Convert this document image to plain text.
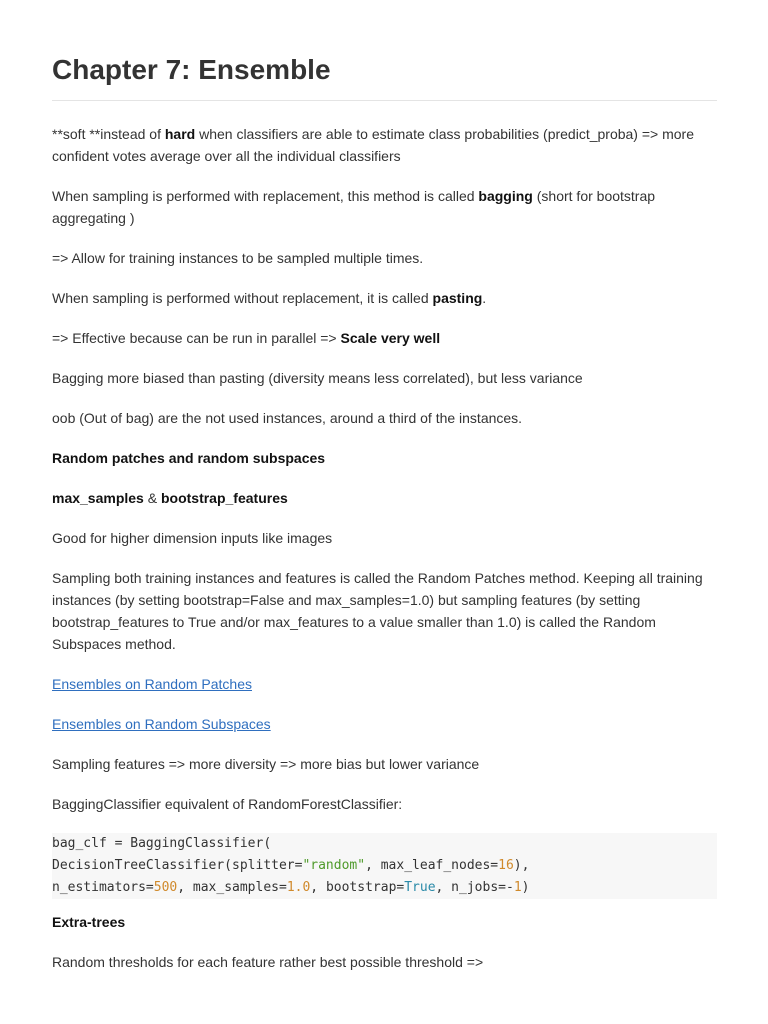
Chapter 7: Ensemble

**soft **instead of hard when classifiers are able to estimate class probabilities (predict_proba) => more confident votes average over all the individual classifiers

When sampling is performed with replacement, this method is called bagging (short for bootstrap aggregating )

=> Allow for training instances to be sampled multiple times.

When sampling is performed without replacement, it is called pasting.

=> Effective because can be run in parallel => Scale very well

Bagging more biased than pasting (diversity means less correlated), but less variance

oob (Out of bag) are the not used instances, around a third of the instances.

Random patches and random subspaces

max_samples & bootstrap_features

Good for higher dimension inputs like images

Sampling both training instances and features is called the Random Patches method. Keeping all training instances (by setting bootstrap=False and max_samples=1.0) but sampling features (by setting bootstrap_features to True and/or max_features to a value smaller than 1.0) is called the Random Subspaces method.

Ensembles on Random Patches

Ensembles on Random Subspaces

Sampling features => more diversity => more bias but lower variance

BaggingClassifier equivalent of RandomForestClassifier:

bag_clf = BaggingClassifier(
DecisionTreeClassifier(splitter="random", max_leaf_nodes=16),
n_estimators=500, max_samples=1.0, bootstrap=True, n_jobs=-1)

Extra-trees

Random thresholds for each feature rather best possible threshold =>
